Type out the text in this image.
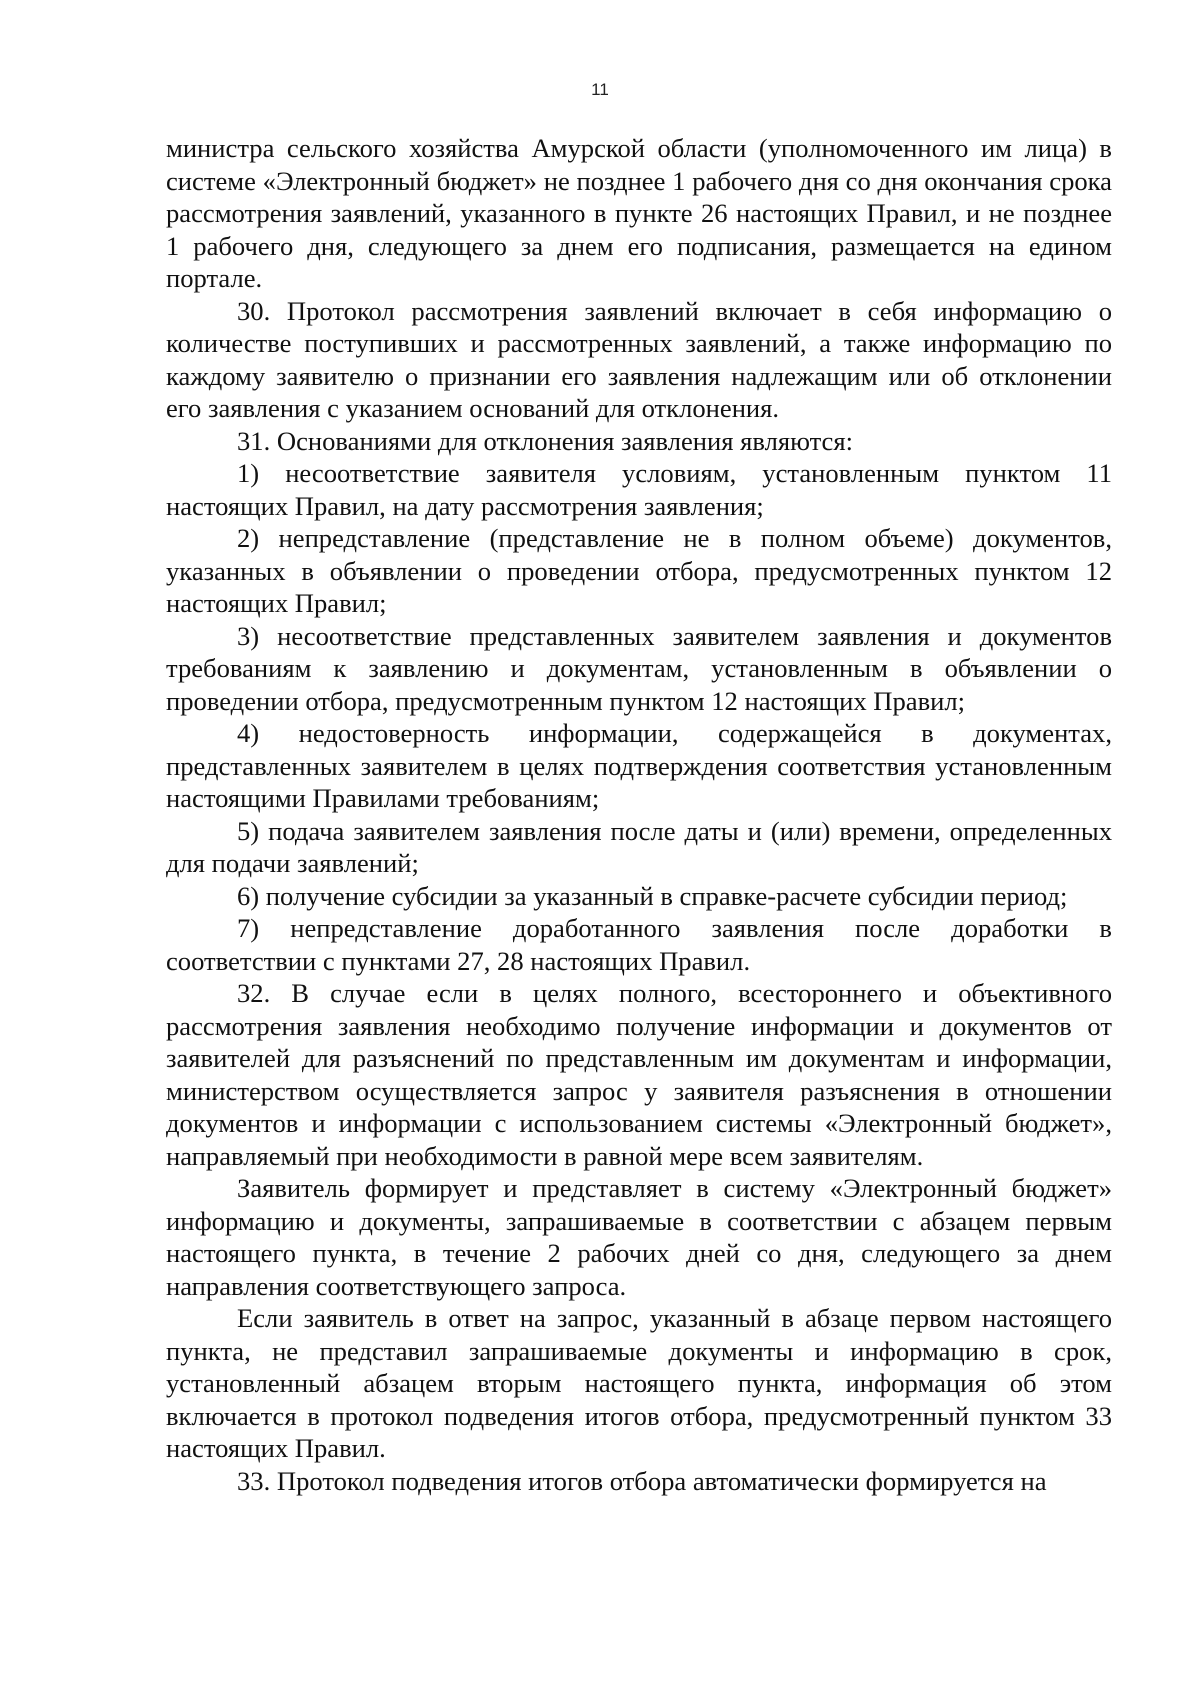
11

министра сельского хозяйства Амурской области (уполномоченного им лица) в системе «Электронный бюджет» не позднее 1 рабочего дня со дня окончания срока рассмотрения заявлений, указанного в пункте 26 настоящих Правил, и не позднее 1 рабочего дня, следующего за днем его подписания, размещается на едином портале.

30. Протокол рассмотрения заявлений включает в себя информацию о количестве поступивших и рассмотренных заявлений, а также информацию по каждому заявителю о признании его заявления надлежащим или об отклонении его заявления с указанием оснований для отклонения.

31. Основаниями для отклонения заявления являются:

1) несоответствие заявителя условиям, установленным пунктом 11 настоящих Правил, на дату рассмотрения заявления;

2) непредставление (представление не в полном объеме) документов, указанных в объявлении о проведении отбора, предусмотренных пунктом 12 настоящих Правил;

3) несоответствие представленных заявителем заявления и документов требованиям к заявлению и документам, установленным в объявлении о проведении отбора, предусмотренным пунктом 12 настоящих Правил;

4) недостоверность информации, содержащейся в документах, представленных заявителем в целях подтверждения соответствия установленным настоящими Правилами требованиям;

5) подача заявителем заявления после даты и (или) времени, определенных для подачи заявлений;

6) получение субсидии за указанный в справке-расчете субсидии период;

7) непредставление доработанного заявления после доработки в соответствии с пунктами 27, 28 настоящих Правил.

32. В случае если в целях полного, всестороннего и объективного рассмотрения заявления необходимо получение информации и документов от заявителей для разъяснений по представленным им документам и информации, министерством осуществляется запрос у заявителя разъяснения в отношении документов и информации с использованием системы «Электронный бюджет», направляемый при необходимости в равной мере всем заявителям.

Заявитель формирует и представляет в систему «Электронный бюджет» информацию и документы, запрашиваемые в соответствии с абзацем первым настоящего пункта, в течение 2 рабочих дней со дня, следующего за днем направления соответствующего запроса.

Если заявитель в ответ на запрос, указанный в абзаце первом настоящего пункта, не представил запрашиваемые документы и информацию в срок, установленный абзацем вторым настоящего пункта, информация об этом включается в протокол подведения итогов отбора, предусмотренный пунктом 33 настоящих Правил.

33. Протокол подведения итогов отбора автоматически формируется на
